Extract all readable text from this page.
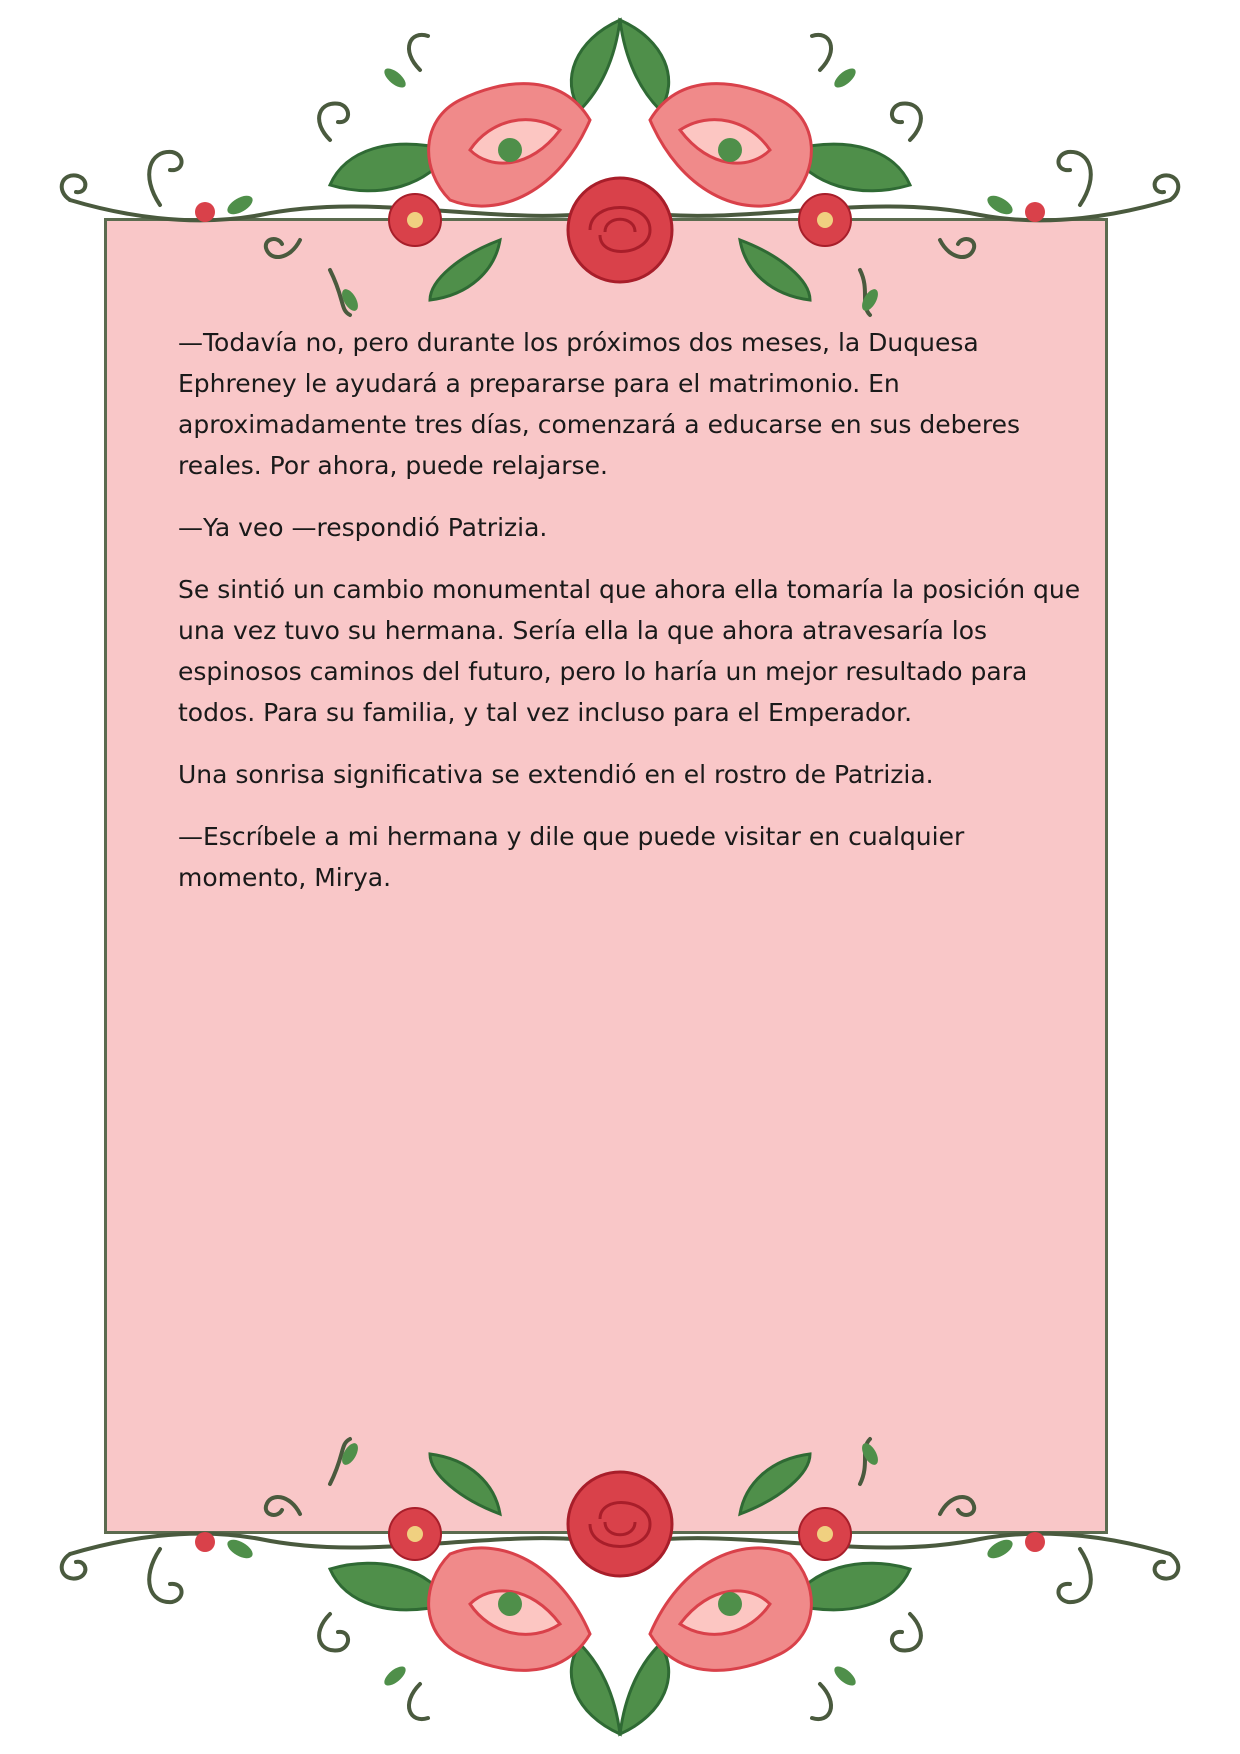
—Todavía no, pero durante los próximos dos meses, la Duquesa Ephreney le ayudará a prepararse para el matrimonio. En aproximadamente tres días, comenzará a educarse en sus deberes reales. Por ahora, puede relajarse.

—Ya veo —respondió Patrizia.

Se sintió un cambio monumental que ahora ella tomaría la posición que una vez tuvo su hermana. Sería ella la que ahora atravesaría los espinosos caminos del futuro, pero lo haría un mejor resultado para todos. Para su familia, y tal vez incluso para el Emperador.

Una sonrisa significativa se extendió en el rostro de Patrizia.

—Escríbele a mi hermana y dile que puede visitar en cualquier momento, Mirya.
